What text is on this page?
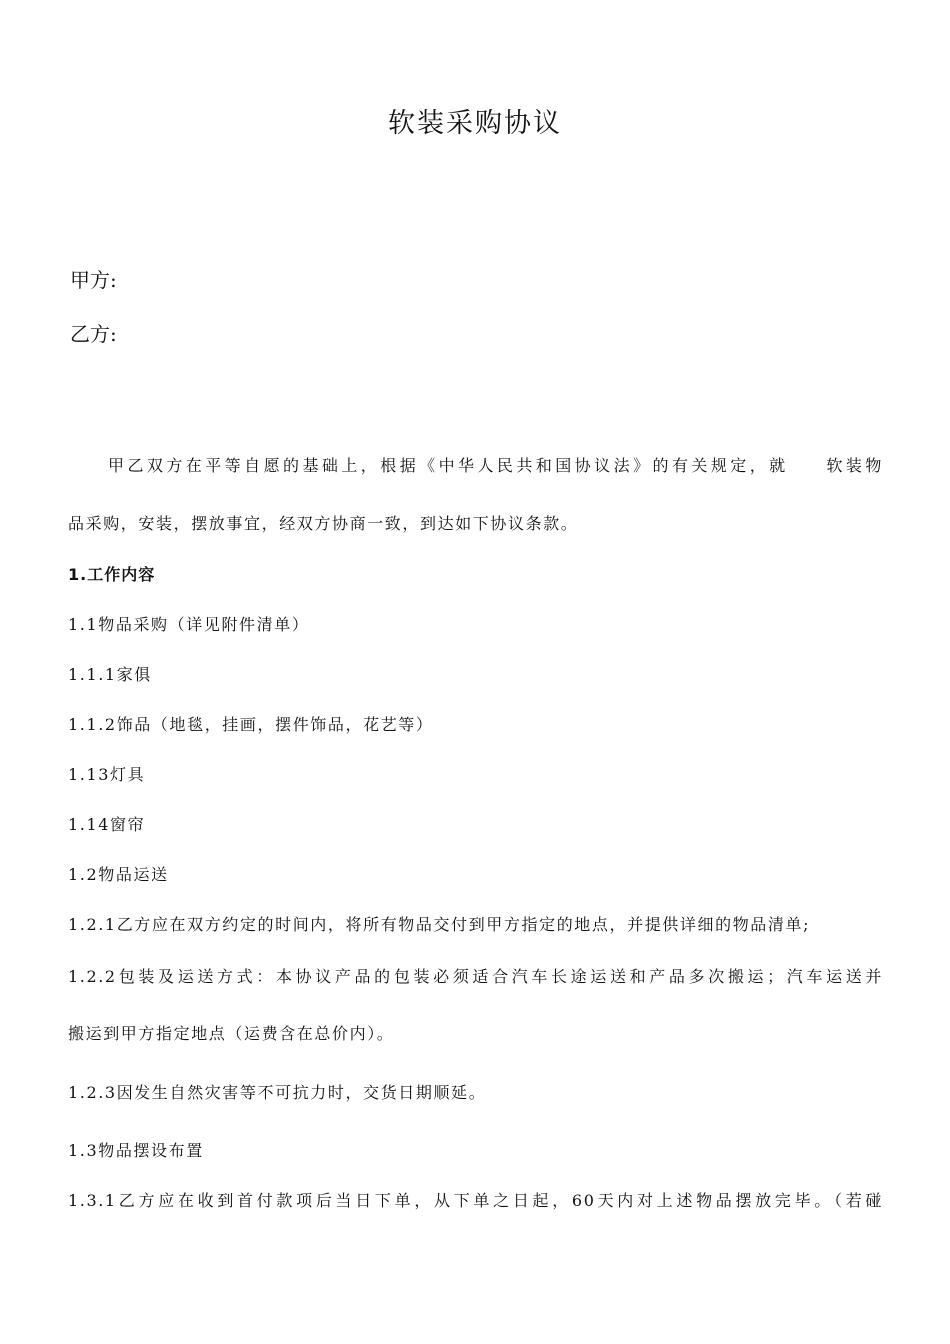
软装采购协议
甲方:
乙方:
甲乙双方在平等自愿的基础上，根据《中华人民共和国协议法》的有关规定，就 软装物
品采购，安装，摆放事宜，经双方协商一致，到达如下协议条款。
1.工作内容
1.1物品采购（详见附件清单）
1.1.1家俱
1.1.2饰品（地毯，挂画，摆件饰品，花艺等）
1.13灯具
1.14窗帘
1.2物品运送
1.2.1乙方应在双方约定的时间内，将所有物品交付到甲方指定的地点，并提供详细的物品清单;
1.2.2包装及运送方式：本协议产品的包装必须适合汽车长途运送和产品多次搬运；汽车运送并
搬运到甲方指定地点（运费含在总价内）。
1.2.3因发生自然灾害等不可抗力时，交货日期顺延。
1.3物品摆设布置
1.3.1乙方应在收到首付款项后当日下单，从下单之日起，60天内对上述物品摆放完毕。（若碰
